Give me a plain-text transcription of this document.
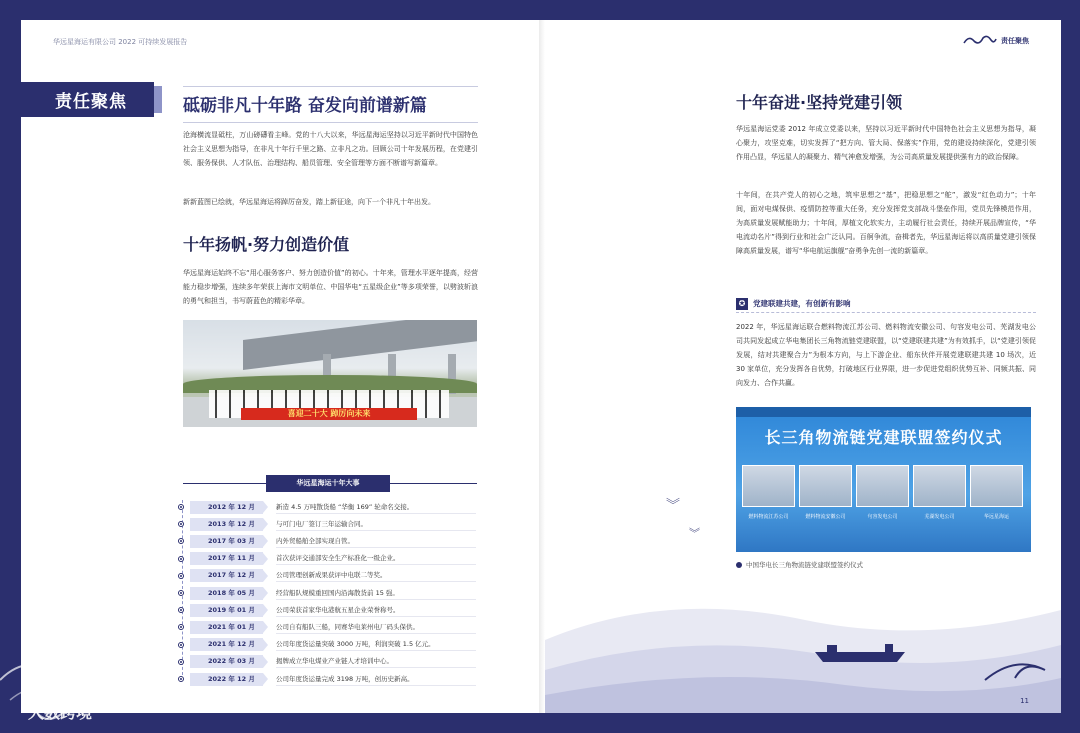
华远星海运有限公司 2022 可持续发展报告	责任聚焦
责任聚焦	砥砺非凡十年路 奋发向前谱新篇
沧海横流显砥柱，万山磅礴看主峰。党的十八大以来，华远星海运坚持以习近平新时代中国特色社会主义思想为指导，在非凡十年行千里之路、立非凡之功。回顾公司十年发展历程，在党建引领、服务保供、人才队伍、治理结构、船员管理、安全管理等方面不断谱写新篇章。
新新蓝图已绘就，华远星海运将踔厉奋发，踏上新征途，向下一个非凡十年出发。
十年扬帆·努力创造价值
华远星海运始终不忘“用心服务客户、努力创造价值”的初心。十年来，管理水平逐年提高，经营能力稳步增强，连续多年荣获上海市文明单位、中国华电“五星级企业”等多项荣誉，以劈波斩浪的勇气和担当，书写蔚蓝色的精彩华章。
喜迎二十大 踔厉向未来
华远星海运十年大事
2012 年 12 月	新造 4.5 万吨散货船 “华衡 169” 轮命名交接。
2013 年 12 月	与可门电厂签订三年运输合同。
2017 年 03 月	内外贸船舶全部实现自管。
2017 年 11 月	首次获评交通部安全生产标准化一级企业。
2017 年 12 月	公司管理创新成果获评中电联二等奖。
2018 年 05 月	经营船队规模重回国内沿海散货前 15 强。
2019 年 01 月	公司荣获首家华电港航五星企业荣誉称号。
2021 年 01 月	公司自有船队三船，同赛华电莱州电厂码头保供。
2021 年 12 月	公司年度货运量突破 3000 万吨，利润突破 1.5 亿元。
2022 年 03 月	揭牌成立华电煤业产业链人才培训中心。
2022 年 12 月	公司年度货运量完成 3198 万吨，创历史新高。
十年奋进·坚持党建引领
华远星海运党委 2012 年成立党委以来，坚持以习近平新时代中国特色社会主义思想为指导，凝心聚力，攻坚克难，切实发挥了“把方向、管大局、保落实”作用，党的建设持续深化，党建引领作用凸显，华远星人的凝聚力、精气神愈发增强，为公司高质量发展提供强有力的政治保障。
十年间，在共产党人的初心之地，筑牢思想之“基”，把稳思想之“舵”，激发“红色动力”；十年间，面对电煤保供、疫情防控等重大任务，充分发挥党支部战斗堡垒作用，党员先锋模范作用，为高质量发展赋能助力；十年间，厚植文化软实力，主动履行社会责任，持续开展品牌宣传，“华电流动名片”得到行业和社会广泛认同。百舸争流，奋楫者先，华远星海运将以高质量党建引领保障高质量发展，谱写“华电航运旗舰”奋勇争先创一流的新篇章。
✪	党建联建共建，有创新有影响
2022 年，华远星海运联合燃料物流江苏公司、燃料物流安徽公司、句容发电公司、芜湖发电公司共同发起成立华电集团长三角物流链党建联盟，以“党建联建共建”为有效抓手，以“党建引领促发展，结对共建聚合力”为根本方向，与上下游企业、船东伙伴开展党建联建共建 10 场次，近 30 家单位，充分发挥各自优势，打破地区行业界限，进一步促进党组织优势互补、同频共振、同向发力、合作共赢。
长三角物流链党建联盟签约仪式
燃料物流江苏公司	燃料物流安徽公司	句容发电公司	芜湖发电公司	华远星海运
中国华电长三角物流链党建联盟签约仪式
︾
︾
11
大数跨境
